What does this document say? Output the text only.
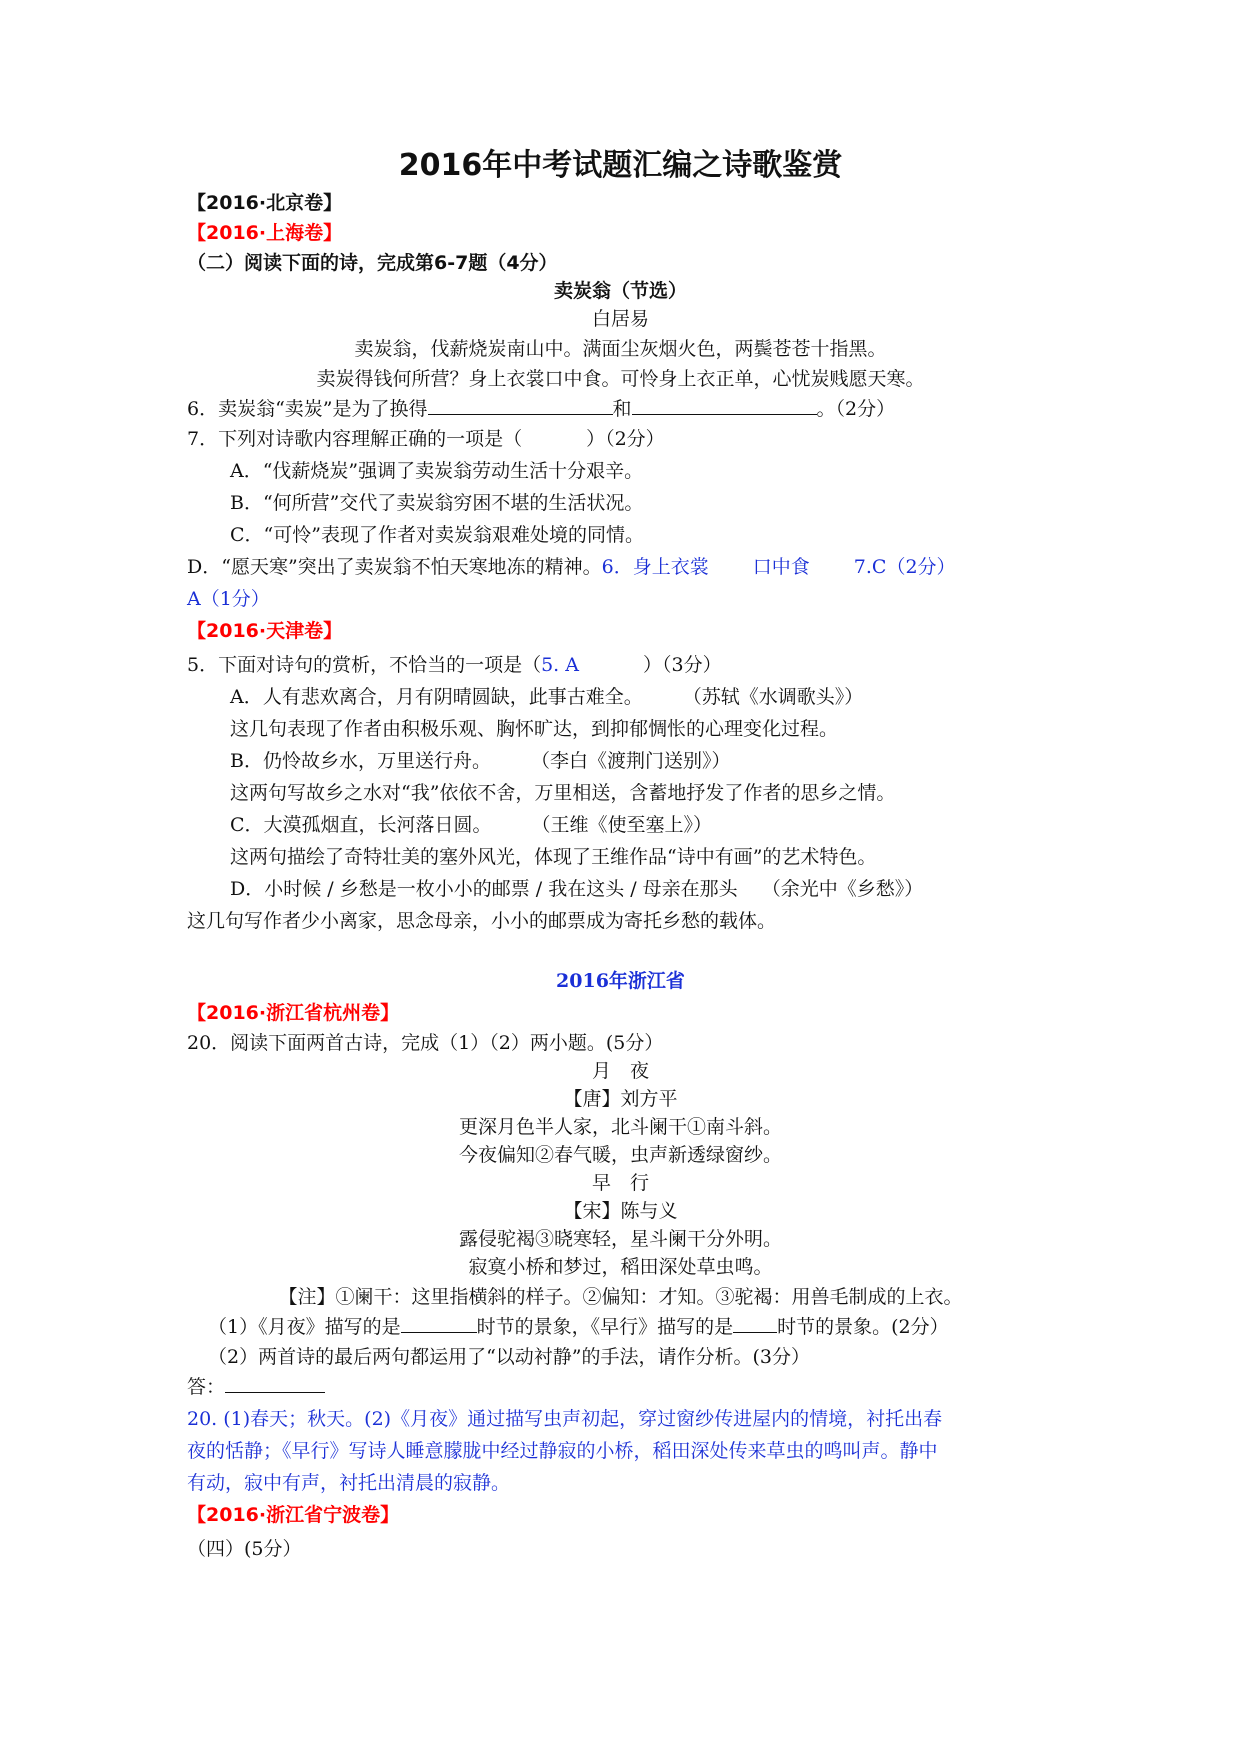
2016年中考试题汇编之诗歌鉴赏
【2016·北京卷】
【2016·上海卷】
（二）阅读下面的诗，完成第6-7题（4分）
卖炭翁（节选）
白居易
卖炭翁，伐薪烧炭南山中。满面尘灰烟火色，两鬓苍苍十指黑。
卖炭得钱何所营？身上衣裳口中食。可怜身上衣正单，心忧炭贱愿天寒。
6．卖炭翁“卖炭”是为了换得	和	。（2分）
7．下列对诗歌内容理解正确的一项是（	）（2分）
A．“伐薪烧炭”强调了卖炭翁劳动生活十分艰辛。
B．“何所营”交代了卖炭翁穷困不堪的生活状况。
C．“可怜”表现了作者对卖炭翁艰难处境的同情。
D．“愿天寒”突出了卖炭翁不怕天寒地冻的精神。6．身上衣裳 口中食 7.C（2分）
A（1分）
【2016·天津卷】
5．下面对诗句的赏析，不恰当的一项是（5. A	）（3分）
A．人有悲欢离合，月有阴晴圆缺，此事古难全。 （苏轼《水调歌头》）
这几句表现了作者由积极乐观、胸怀旷达，到抑郁惆怅的心理变化过程。
B．仍怜故乡水，万里送行舟。 （李白《渡荆门送别》）
这两句写故乡之水对“我”依依不舍，万里相送，含蓄地抒发了作者的思乡之情。
C．大漠孤烟直，长河落日圆。 （王维《使至塞上》）
这两句描绘了奇特壮美的塞外风光，体现了王维作品“诗中有画”的艺术特色。
D．小时候 / 乡愁是一枚小小的邮票 / 我在这头 / 母亲在那头 （余光中《乡愁》）
这几句写作者少小离家，思念母亲，小小的邮票成为寄托乡愁的载体。
2016年浙江省
【2016·浙江省杭州卷】
20．阅读下面两首古诗，完成（1）（2）两小题。(5分）
月　夜
【唐】刘方平
更深月色半人家，北斗阑干①南斗斜。
今夜偏知②春气暖，虫声新透绿窗纱。
早　行
【宋】陈与义
露侵驼褐③晓寒轻，星斗阑干分外明。
寂寞小桥和梦过，稻田深处草虫鸣。
【注】①阑干：这里指横斜的样子。②偏知：才知。③驼褐：用兽毛制成的上衣。
（1）《月夜》描写的是	时节的景象，《早行》描写的是 时节的景象。(2分）
（2）两首诗的最后两句都运用了“以动衬静”的手法，请作分析。(3分）
答：
20. (1)春天；秋天。(2)《月夜》通过描写虫声初起，穿过窗纱传进屋内的情境，衬托出春
夜的恬静；《早行》写诗人睡意朦胧中经过静寂的小桥，稻田深处传来草虫的鸣叫声。静中
有动，寂中有声，衬托出清晨的寂静。
【2016·浙江省宁波卷】
（四）(5分）
